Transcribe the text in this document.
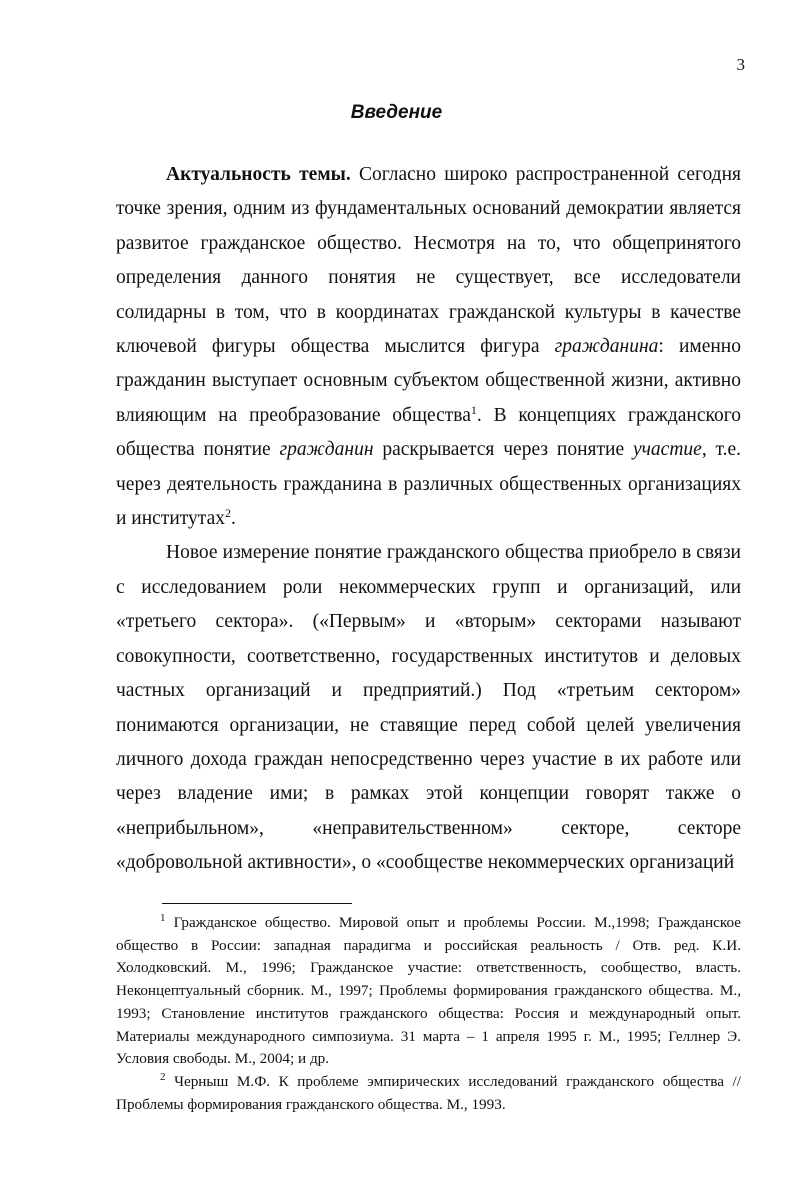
3
Введение

Актуальность темы. Согласно широко распространенной сегодня точке зрения, одним из фундаментальных оснований демократии является развитое гражданское общество. Несмотря на то, что общепринятого определения данного понятия не существует, все исследователи солидарны в том, что в координатах гражданской культуры в качестве ключевой фигуры общества мыслится фигура гражданина: именно гражданин выступает основным субъектом общественной жизни, активно влияющим на преобразование общества$^1$. В концепциях гражданского общества понятие гражданин раскрывается через понятие участие, т.е. через деятельность гражданина в различных общественных организациях и институтах$^2$.

Новое измерение понятие гражданского общества приобрело в связи с исследованием роли некоммерческих групп и организаций, или «третьего сектора». («Первым» и «вторым» секторами называют совокупности, соответственно, государственных институтов и деловых частных организаций и предприятий.) Под «третьим сектором» понимаются организации, не ставящие перед собой целей увеличения личного дохода граждан непосредственно через участие в их работе или через владение ими; в рамках этой концепции говорят также о «неприбыльном», «неправительственном» секторе, секторе «добровольной активности», о «сообществе некоммерческих организаций

$^1$ Гражданское общество. Мировой опыт и проблемы России. М.,1998; Гражданское общество в России: западная парадигма и российская реальность / Отв. ред. К.И. Холодковский. М., 1996; Гражданское участие: ответственность, сообщество, власть. Неконцептуальный сборник. М., 1997; Проблемы формирования гражданского общества. М., 1993; Становление институтов гражданского общества: Россия и международный опыт. Материалы международного симпозиума. 31 марта – 1 апреля 1995 г. М., 1995; Геллнер Э. Условия свободы. М., 2004; и др.

$^2$ Черныш М.Ф. К проблеме эмпирических исследований гражданского общества // Проблемы формирования гражданского общества. М., 1993.
